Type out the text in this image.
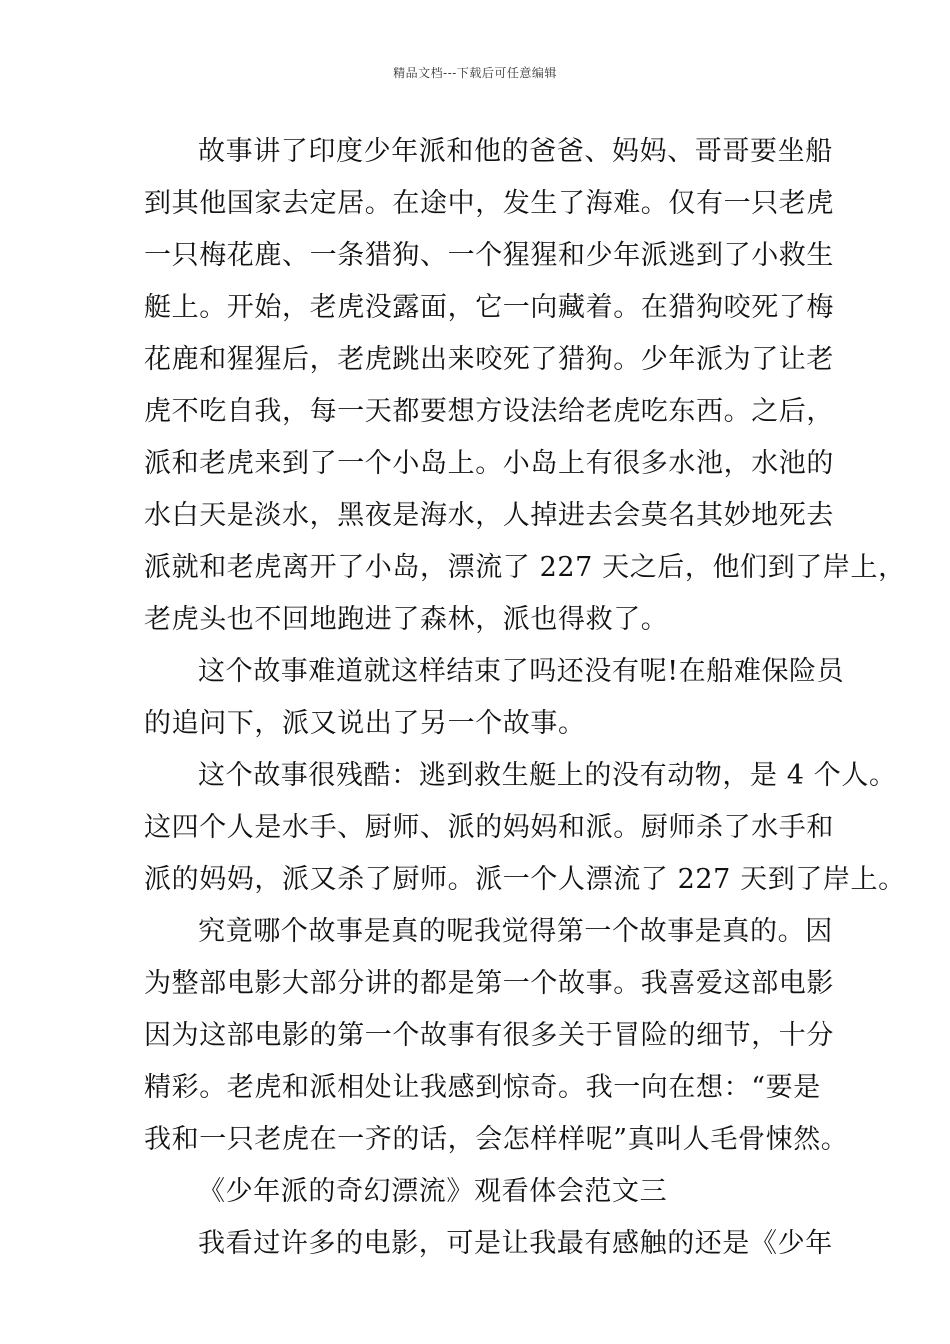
精品文档---下载后可任意编辑
故事讲了印度少年派和他的爸爸、妈妈、哥哥要坐船
到其他国家去定居。在途中，发生了海难。仅有一只老虎
一只梅花鹿、一条猎狗、一个猩猩和少年派逃到了小救生
艇上。开始，老虎没露面，它一向藏着。在猎狗咬死了梅
花鹿和猩猩后，老虎跳出来咬死了猎狗。少年派为了让老
虎不吃自我，每一天都要想方设法给老虎吃东西。之后，
派和老虎来到了一个小岛上。小岛上有很多水池，水池的
水白天是淡水，黑夜是海水，人掉进去会莫名其妙地死去
派就和老虎离开了小岛，漂流了 227 天之后，他们到了岸上，
老虎头也不回地跑进了森林，派也得救了。
这个故事难道就这样结束了吗还没有呢!在船难保险员
的追问下，派又说出了另一个故事。
这个故事很残酷：逃到救生艇上的没有动物，是 4 个人。
这四个人是水手、厨师、派的妈妈和派。厨师杀了水手和
派的妈妈，派又杀了厨师。派一个人漂流了 227 天到了岸上。
究竟哪个故事是真的呢我觉得第一个故事是真的。因
为整部电影大部分讲的都是第一个故事。我喜爱这部电影
因为这部电影的第一个故事有很多关于冒险的细节，十分
精彩。老虎和派相处让我感到惊奇。我一向在想：“要是
我和一只老虎在一齐的话，会怎样样呢”真叫人毛骨悚然。
《少年派的奇幻漂流》观看体会范文三
我看过许多的电影，可是让我最有感触的还是《少年
